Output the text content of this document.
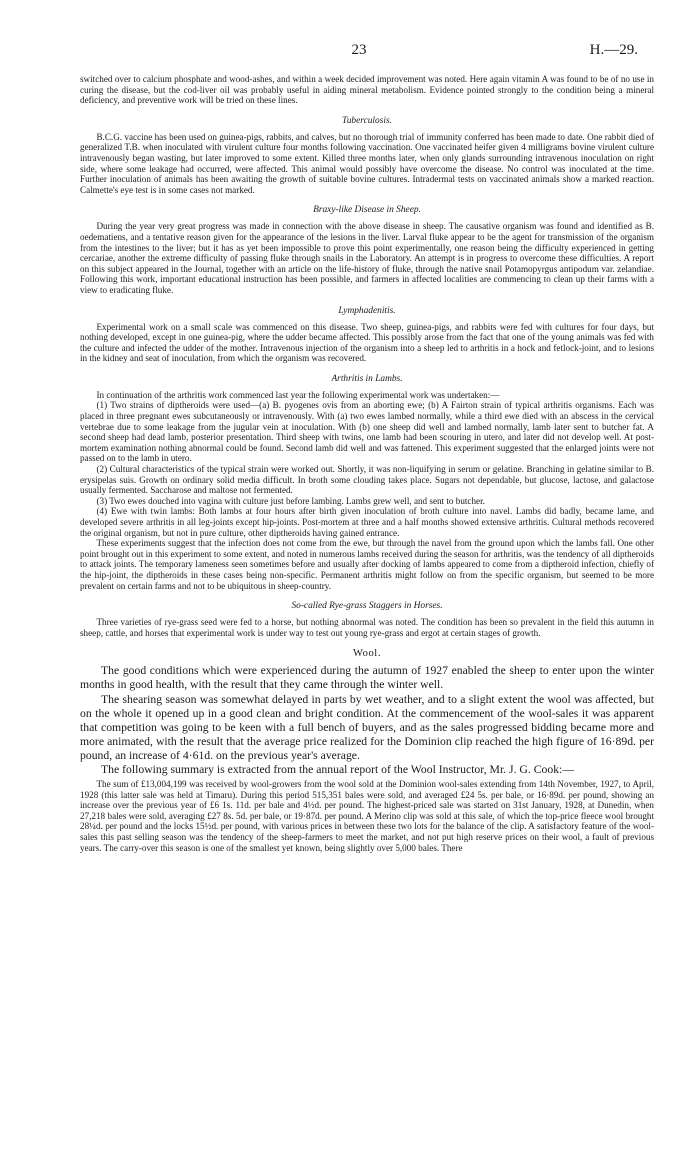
23	H.—29.

switched over to calcium phosphate and wood-ashes, and within a week decided improvement was noted. Here again vitamin A was found to be of no use in curing the disease, but the cod-liver oil was probably useful in aiding mineral metabolism. Evidence pointed strongly to the condition being a mineral deficiency, and preventive work will be tried on these lines.

Tuberculosis.

B.C.G. vaccine has been used on guinea-pigs, rabbits, and calves, but no thorough trial of immunity conferred has been made to date. One rabbit died of generalized T.B. when inoculated with virulent culture four months following vaccination. One vaccinated heifer given 4 milligrams bovine virulent culture intravenously began wasting, but later improved to some extent. Killed three months later, when only glands surrounding intravenous inoculation on right side, where some leakage had occurred, were affected. This animal would possibly have overcome the disease. No control was inoculated at the time. Further inoculation of animals has been awaiting the growth of suitable bovine cultures. Intradermal tests on vaccinated animals show a marked reaction. Calmette's eye test is in some cases not marked.

Braxy-like Disease in Sheep.

During the year very great progress was made in connection with the above disease in sheep. The causative organism was found and identified as B. oedematiens, and a tentative reason given for the appearance of the lesions in the liver. Larval fluke appear to be the agent for transmission of the organism from the intestines to the liver; but it has as yet been impossible to prove this point experimentally, one reason being the difficulty experienced in getting cercariae, another the extreme difficulty of passing fluke through snails in the Laboratory. An attempt is in progress to overcome these difficulties. A report on this subject appeared in the Journal, together with an article on the life-history of fluke, through the native snail Potamopyrgus antipodum var. zelandiae. Following this work, important educational instruction has been possible, and farmers in affected localities are commencing to clean up their farms with a view to eradicating fluke.

Lymphadenitis.

Experimental work on a small scale was commenced on this disease. Two sheep, guinea-pigs, and rabbits were fed with cultures for four days, but nothing developed, except in one guinea-pig, where the udder became affected. This possibly arose from the fact that one of the young animals was fed with the culture and infected the udder of the mother. Intravenous injection of the organism into a sheep led to arthritis in a hock and fetlock-joint, and to lesions in the kidney and seat of inoculation, from which the organism was recovered.

Arthritis in Lambs.

In continuation of the arthritis work commenced last year the following experimental work was undertaken:—

(1) Two strains of diptheroids were used—(a) B. pyogenes ovis from an aborting ewe; (b) A Fairton strain of typical arthritis organisms. Each was placed in three pregnant ewes subcutaneously or intravenously. With (a) two ewes lambed normally, while a third ewe died with an abscess in the cervical vertebrae due to some leakage from the jugular vein at inoculation. With (b) one sheep did well and lambed normally, lamb later sent to butcher fat. A second sheep had dead lamb, posterior presentation. Third sheep with twins, one lamb had been scouring in utero, and later did not develop well. At post-mortem examination nothing abnormal could be found. Second lamb did well and was fattened. This experiment suggested that the enlarged joints were not passed on to the lamb in utero.

(2) Cultural characteristics of the typical strain were worked out. Shortly, it was non-liquifying in serum or gelatine. Branching in gelatine similar to B. erysipelas suis. Growth on ordinary solid media difficult. In broth some clouding takes place. Sugars not dependable, but glucose, lactose, and galactose usually fermented. Saccharose and maltose not fermented.

(3) Two ewes douched into vagina with culture just before lambing. Lambs grew well, and sent to butcher.

(4) Ewe with twin lambs: Both lambs at four hours after birth given inoculation of broth culture into navel. Lambs did badly, became lame, and developed severe arthritis in all leg-joints except hip-joints. Post-mortem at three and a half months showed extensive arthritis. Cultural methods recovered the original organism, but not in pure culture, other diptheroids having gained entrance.

These experiments suggest that the infection does not come from the ewe, but through the navel from the ground upon which the lambs fall. One other point brought out in this experiment to some extent, and noted in numerous lambs received during the season for arthritis, was the tendency of all diptheroids to attack joints. The temporary lameness seen sometimes before and usually after docking of lambs appeared to come from a diptheroid infection, chiefly of the hip-joint, the diptheroids in these cases being non-specific. Permanent arthritis might follow on from the specific organism, but seemed to be more prevalent on certain farms and not to be ubiquitous in sheep-country.

So-called Rye-grass Staggers in Horses.

Three varieties of rye-grass seed were fed to a horse, but nothing abnormal was noted. The condition has been so prevalent in the field this autumn in sheep, cattle, and horses that experimental work is under way to test out young rye-grass and ergot at certain stages of growth.

Wool.

The good conditions which were experienced during the autumn of 1927 enabled the sheep to enter upon the winter months in good health, with the result that they came through the winter well.

The shearing season was somewhat delayed in parts by wet weather, and to a slight extent the wool was affected, but on the whole it opened up in a good clean and bright condition. At the commencement of the wool-sales it was apparent that competition was going to be keen with a full bench of buyers, and as the sales progressed bidding became more and more animated, with the result that the average price realized for the Dominion clip reached the high figure of 16·89d. per pound, an increase of 4·61d. on the previous year's average.

The following summary is extracted from the annual report of the Wool Instructor, Mr. J. G. Cook:—

The sum of £13,004,199 was received by wool-growers from the wool sold at the Dominion wool-sales extending from 14th November, 1927, to April, 1928 (this latter sale was held at Timaru). During this period 515,351 bales were sold, and averaged £24 5s. per bale, or 16·89d. per pound, showing an increase over the previous year of £6 1s. 11d. per bale and 4½d. per pound. The highest-priced sale was started on 31st January, 1928, at Dunedin, when 27,218 bales were sold, averaging £27 8s. 5d. per bale, or 19·87d. per pound. A Merino clip was sold at this sale, of which the top-price fleece wool brought 28¼d. per pound and the locks 15½d. per pound, with various prices in between these two lots for the balance of the clip. A satisfactory feature of the wool-sales this past selling season was the tendency of the sheep-farmers to meet the market, and not put high reserve prices on their wool, a fault of previous years. The carry-over this season is one of the smallest yet known, being slightly over 5,000 bales. There
